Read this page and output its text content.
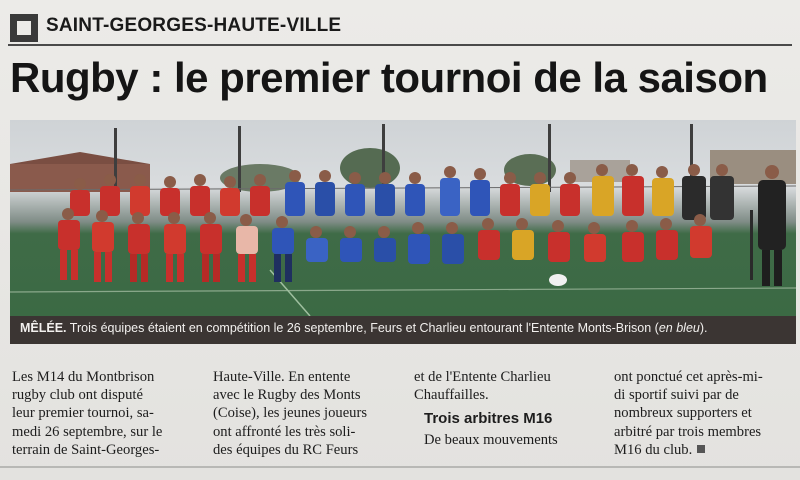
SAINT-GEORGES-HAUTE-VILLE
Rugby : le premier tournoi de la saison
MÊLÉE. Trois équipes étaient en compétition le 26 septembre, Feurs et Charlieu entourant l'Entente Monts-Brison (en bleu).
Les M14 du Montbrison
rugby club ont disputé
leur premier tournoi, sa-
medi 26 septembre, sur le
terrain de Saint-Georges-
Haute-Ville. En entente
avec le Rugby des Monts
(Coise), les jeunes joueurs
ont affronté les très soli-
des équipes du RC Feurs
et de l'Entente Charlieu
Chauffailles.
Trois arbitres M16
De beaux mouvements
ont ponctué cet après-mi-
di sportif suivi par de
nombreux supporters et
arbitré par trois membres
M16 du club.
